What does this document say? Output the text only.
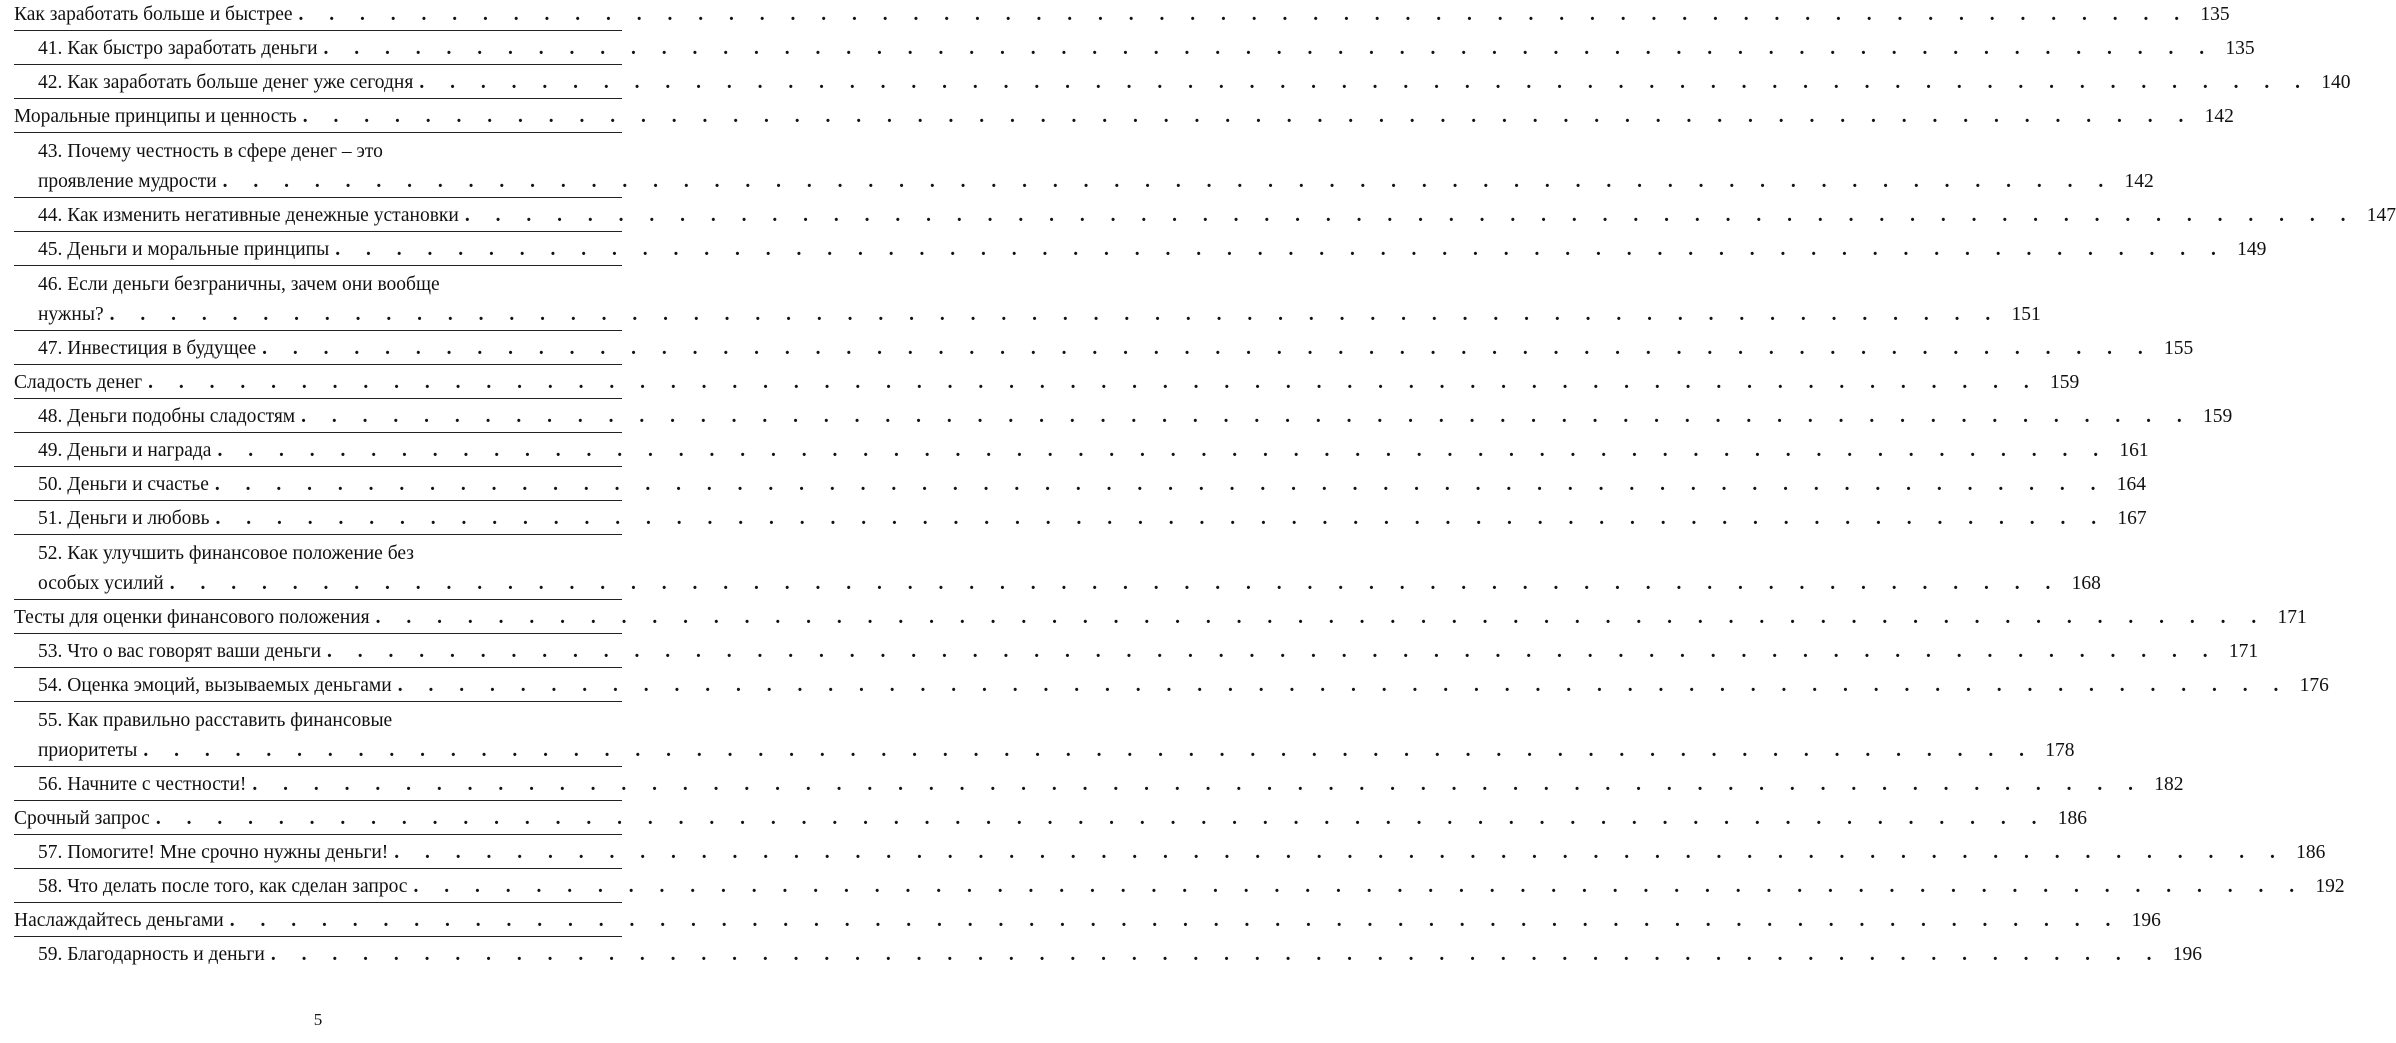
Как заработать больше и быстрее . . . . . . . . . . . . . . . . . . . . . . . . . . . . . . . . . . . . . . . . . . . . . . . . . . . . . . . . . . . . . . 135
41. Как быстро заработать деньги . . . . . . . . . . . . . . . . . . . . . . . . . . . . . . . . . . . . . . . . . . . . . . . . . . . . . . . . . . . . . . 135
42. Как заработать больше денег уже сегодня . . . . . . . . . . . . . . . . . . . . . . . . . . . . . . . . . . . . . . . . . . . . . . . . . . . . . . . . . . . . . . 140
Моральные принципы и ценность . . . . . . . . . . . . . . . . . . . . . . . . . . . . . . . . . . . . . . . . . . . . . . . . . . . . . . . . . . . . . . 142
43. Почему честность в сфере денег – это
проявление мудрости . . . . . . . . . . . . . . . . . . . . . . . . . . . . . . . . . . . . . . . . . . . . . . . . . . . . . . . . . . . . . . 142
44. Как изменить негативные денежные установки . . . . . . . . . . . . . . . . . . . . . . . . . . . . . . . . . . . . . . . . . . . . . . . . . . . . . . . . . . . . . . 147
45. Деньги и моральные принципы . . . . . . . . . . . . . . . . . . . . . . . . . . . . . . . . . . . . . . . . . . . . . . . . . . . . . . . . . . . . . . 149
46. Если деньги безграничны, зачем они вообще
нужны? . . . . . . . . . . . . . . . . . . . . . . . . . . . . . . . . . . . . . . . . . . . . . . . . . . . . . . . . . . . . . . 151
47. Инвестиция в будущее . . . . . . . . . . . . . . . . . . . . . . . . . . . . . . . . . . . . . . . . . . . . . . . . . . . . . . . . . . . . . . 155
Сладость денег . . . . . . . . . . . . . . . . . . . . . . . . . . . . . . . . . . . . . . . . . . . . . . . . . . . . . . . . . . . . . . 159
48. Деньги подобны сладостям . . . . . . . . . . . . . . . . . . . . . . . . . . . . . . . . . . . . . . . . . . . . . . . . . . . . . . . . . . . . . . 159
49. Деньги и награда . . . . . . . . . . . . . . . . . . . . . . . . . . . . . . . . . . . . . . . . . . . . . . . . . . . . . . . . . . . . . . 161
50. Деньги и счастье . . . . . . . . . . . . . . . . . . . . . . . . . . . . . . . . . . . . . . . . . . . . . . . . . . . . . . . . . . . . . . 164
51. Деньги и любовь . . . . . . . . . . . . . . . . . . . . . . . . . . . . . . . . . . . . . . . . . . . . . . . . . . . . . . . . . . . . . . 167
52. Как улучшить финансовое положение без
особых усилий . . . . . . . . . . . . . . . . . . . . . . . . . . . . . . . . . . . . . . . . . . . . . . . . . . . . . . . . . . . . . . 168
Тесты для оценки финансового положения . . . . . . . . . . . . . . . . . . . . . . . . . . . . . . . . . . . . . . . . . . . . . . . . . . . . . . . . . . . . . . 171
53. Что о вас говорят ваши деньги . . . . . . . . . . . . . . . . . . . . . . . . . . . . . . . . . . . . . . . . . . . . . . . . . . . . . . . . . . . . . . 171
54. Оценка эмоций, вызываемых деньгами . . . . . . . . . . . . . . . . . . . . . . . . . . . . . . . . . . . . . . . . . . . . . . . . . . . . . . . . . . . . . . 176
55. Как правильно расставить финансовые
приоритеты . . . . . . . . . . . . . . . . . . . . . . . . . . . . . . . . . . . . . . . . . . . . . . . . . . . . . . . . . . . . . . 178
56. Начните с честности! . . . . . . . . . . . . . . . . . . . . . . . . . . . . . . . . . . . . . . . . . . . . . . . . . . . . . . . . . . . . . . 182
Срочный запрос . . . . . . . . . . . . . . . . . . . . . . . . . . . . . . . . . . . . . . . . . . . . . . . . . . . . . . . . . . . . . . 186
57. Помогите! Мне срочно нужны деньги! . . . . . . . . . . . . . . . . . . . . . . . . . . . . . . . . . . . . . . . . . . . . . . . . . . . . . . . . . . . . . . 186
58. Что делать после того, как сделан запрос . . . . . . . . . . . . . . . . . . . . . . . . . . . . . . . . . . . . . . . . . . . . . . . . . . . . . . . . . . . . . . 192
Наслаждайтесь деньгами . . . . . . . . . . . . . . . . . . . . . . . . . . . . . . . . . . . . . . . . . . . . . . . . . . . . . . . . . . . . . . 196
59. Благодарность и деньги . . . . . . . . . . . . . . . . . . . . . . . . . . . . . . . . . . . . . . . . . . . . . . . . . . . . . . . . . . . . . . 196
5
